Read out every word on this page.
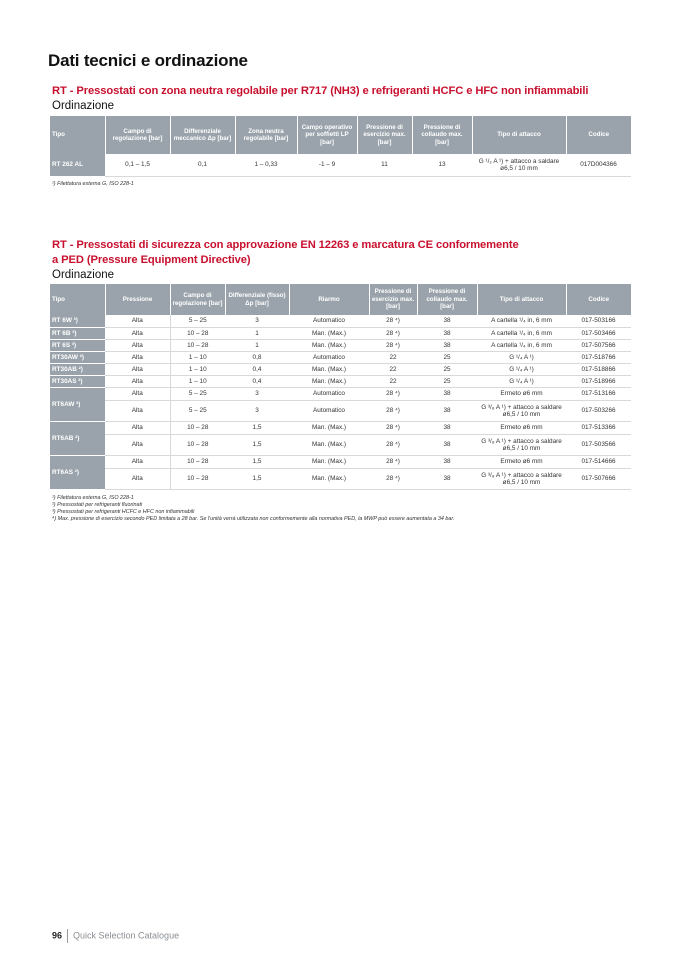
Dati tecnici e ordinazione
RT - Pressostati con zona neutra regolabile per R717 (NH3) e refrigeranti HCFC e HFC non infiammabili
Ordinazione
Tipo	Campo di regolazione [bar]	Differenziale meccanico Δp [bar]	Zona neutra regolabile [bar]	Campo operativo per soffietti LP [bar]	Pressione di esercizio max. [bar]	Pressione di collaudo max. [bar]	Tipo di attacco	Codice
RT 262 AL	0,1 – 1,5	0,1	1 – 0,33	-1 – 9	11	13	G ¹/₂ A ¹) + attacco a saldare ø6,5 / 10 mm	017D004366
¹) Filettatura esterna G, ISO 228-1
RT - Pressostati di sicurezza con approvazione EN 12263 e marcatura CE conformemente
a PED (Pressure Equipment Directive)
Ordinazione
Tipo	Pressione	Campo di regolazione [bar]	Differenziale (fisso) Δp [bar]	Riarmo	Pressione di esercizio max. [bar]	Pressione di collaudo max. [bar]	Tipo di attacco	Codice
RT 6W ³)	Alta	5 – 25	3	Automatico	28 ⁴)	38	A cartella ¹/₄ in, 6 mm	017-503166
RT 6B ³)	Alta	10 – 28	1	Man. (Max.)	28 ⁴)	38	A cartella ¹/₄ in, 6 mm	017-503466
RT 6S ³)	Alta	10 – 28	1	Man. (Max.)	28 ⁴)	38	A cartella ¹/₄ in, 6 mm	017-507566
RT30AW ²)	Alta	1 – 10	0,8	Automatico	22	25	G ¹/₄ A ¹)	017-518766
RT30AB ²)	Alta	1 – 10	0,4	Man. (Max.)	22	25	G ¹/₄ A ¹)	017-518866
RT30AS ²)	Alta	1 – 10	0,4	Man. (Max.)	22	25	G ¹/₄ A ¹)	017-518966
RT6AW ²)	Alta	5 – 25	3	Automatico	28 ⁴)	38	Ermeto ø6 mm	017-513166
	Alta	5 – 25	3	Automatico	28 ⁴)	38	G ³/₈ A ¹) + attacco a saldare ø6,5 / 10 mm	017-503266
RT6AB ²)	Alta	10 – 28	1,5	Man. (Max.)	28 ⁴)	38	Ermeto ø6 mm	017-513366
	Alta	10 – 28	1,5	Man. (Max.)	28 ⁴)	38	G ³/₈ A ¹) + attacco a saldare ø6,5 / 10 mm	017-503566
RT6AS ²)	Alta	10 – 28	1,5	Man. (Max.)	28 ⁴)	38	Ermeto ø6 mm	017-514666
	Alta	10 – 28	1,5	Man. (Max.)	28 ⁴)	38	G ³/₈ A ¹) + attacco a saldare ø6,5 / 10 mm	017-507666
¹) Filettatura esterna G, ISO 228-1
²) Pressostati per refrigeranti fluorinati
³) Pressostati per refrigeranti HCFC e HFC non infiammabili
⁴) Max. pressione di esercizio secondo PED limitata a 28 bar. Se l'unità verrà utilizzata non conformemente alla normativa PED, la MWP può essere aumentata a 34 bar.
96 Quick Selection Catalogue
